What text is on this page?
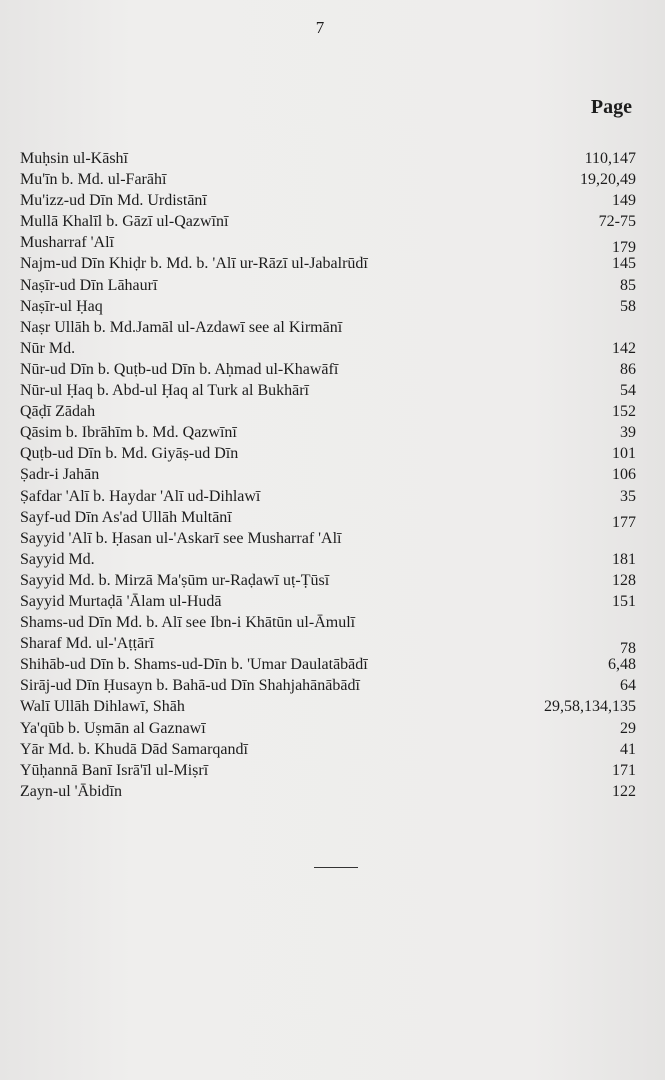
7
Page
Muḥsin ul-Kāshī	110,147
Mu'īn b. Md. ul-Farāhī	19,20,49
Mu'izz-ud Dīn Md. Urdistānī	149
Mullā Khalīl b. Gāzī ul-Qazwīnī	72-75
Musharraf 'Alī	179
Najm-ud Dīn Khiḍr b. Md. b. 'Alī ur-Rāzī ul-Jabalrūdī	145
Naṣīr-ud Dīn Lāhaurī	85
Naṣīr-ul Ḥaq	58
Naṣr Ullāh b. Md.Jamāl ul-Azdawī see al Kirmānī
Nūr Md.	142
Nūr-ud Dīn b. Quṭb-ud Dīn b. Aḥmad ul-Khawāfī	86
Nūr-ul Ḥaq b. Abd-ul Ḥaq al Turk al Bukhārī	54
Qāḍī Zādah	152
Qāsim b. Ibrāhīm b. Md. Qazwīnī	39
Quṭb-ud Dīn b. Md. Giyāṣ-ud Dīn	101
Ṣadr-i Jahān	106
Ṣafdar 'Alī b. Haydar 'Alī ud-Dihlawī	35
Sayf-ud Dīn As'ad Ullāh Multānī	177
Sayyid 'Alī b. Ḥasan ul-'Askarī see Musharraf 'Alī
Sayyid Md.	181
Sayyid Md. b. Mirzā Ma'ṣūm ur-Raḍawī uṭ-Ṭūsī	128
Sayyid Murtaḍā 'Ālam ul-Hudā	151
Shams-ud Dīn Md. b. Alī see Ibn-i Khātūn ul-Āmulī
Sharaf Md. ul-'Aṭṭārī	78
Shihāb-ud Dīn b. Shams-ud-Dīn b. 'Umar Daulatābādī	6,48
Sirāj-ud Dīn Ḥusayn b. Bahā-ud Dīn Shahjahānābādī	64
Walī Ullāh Dihlawī, Shāh	29,58,134,135
Ya'qūb b. Uṣmān al Gaznawī	29
Yār Md. b. Khudā Dād Samarqandī	41
Yūḥannā Banī Isrā'īl ul-Miṣrī	171
Zayn-ul 'Ābidīn	122
